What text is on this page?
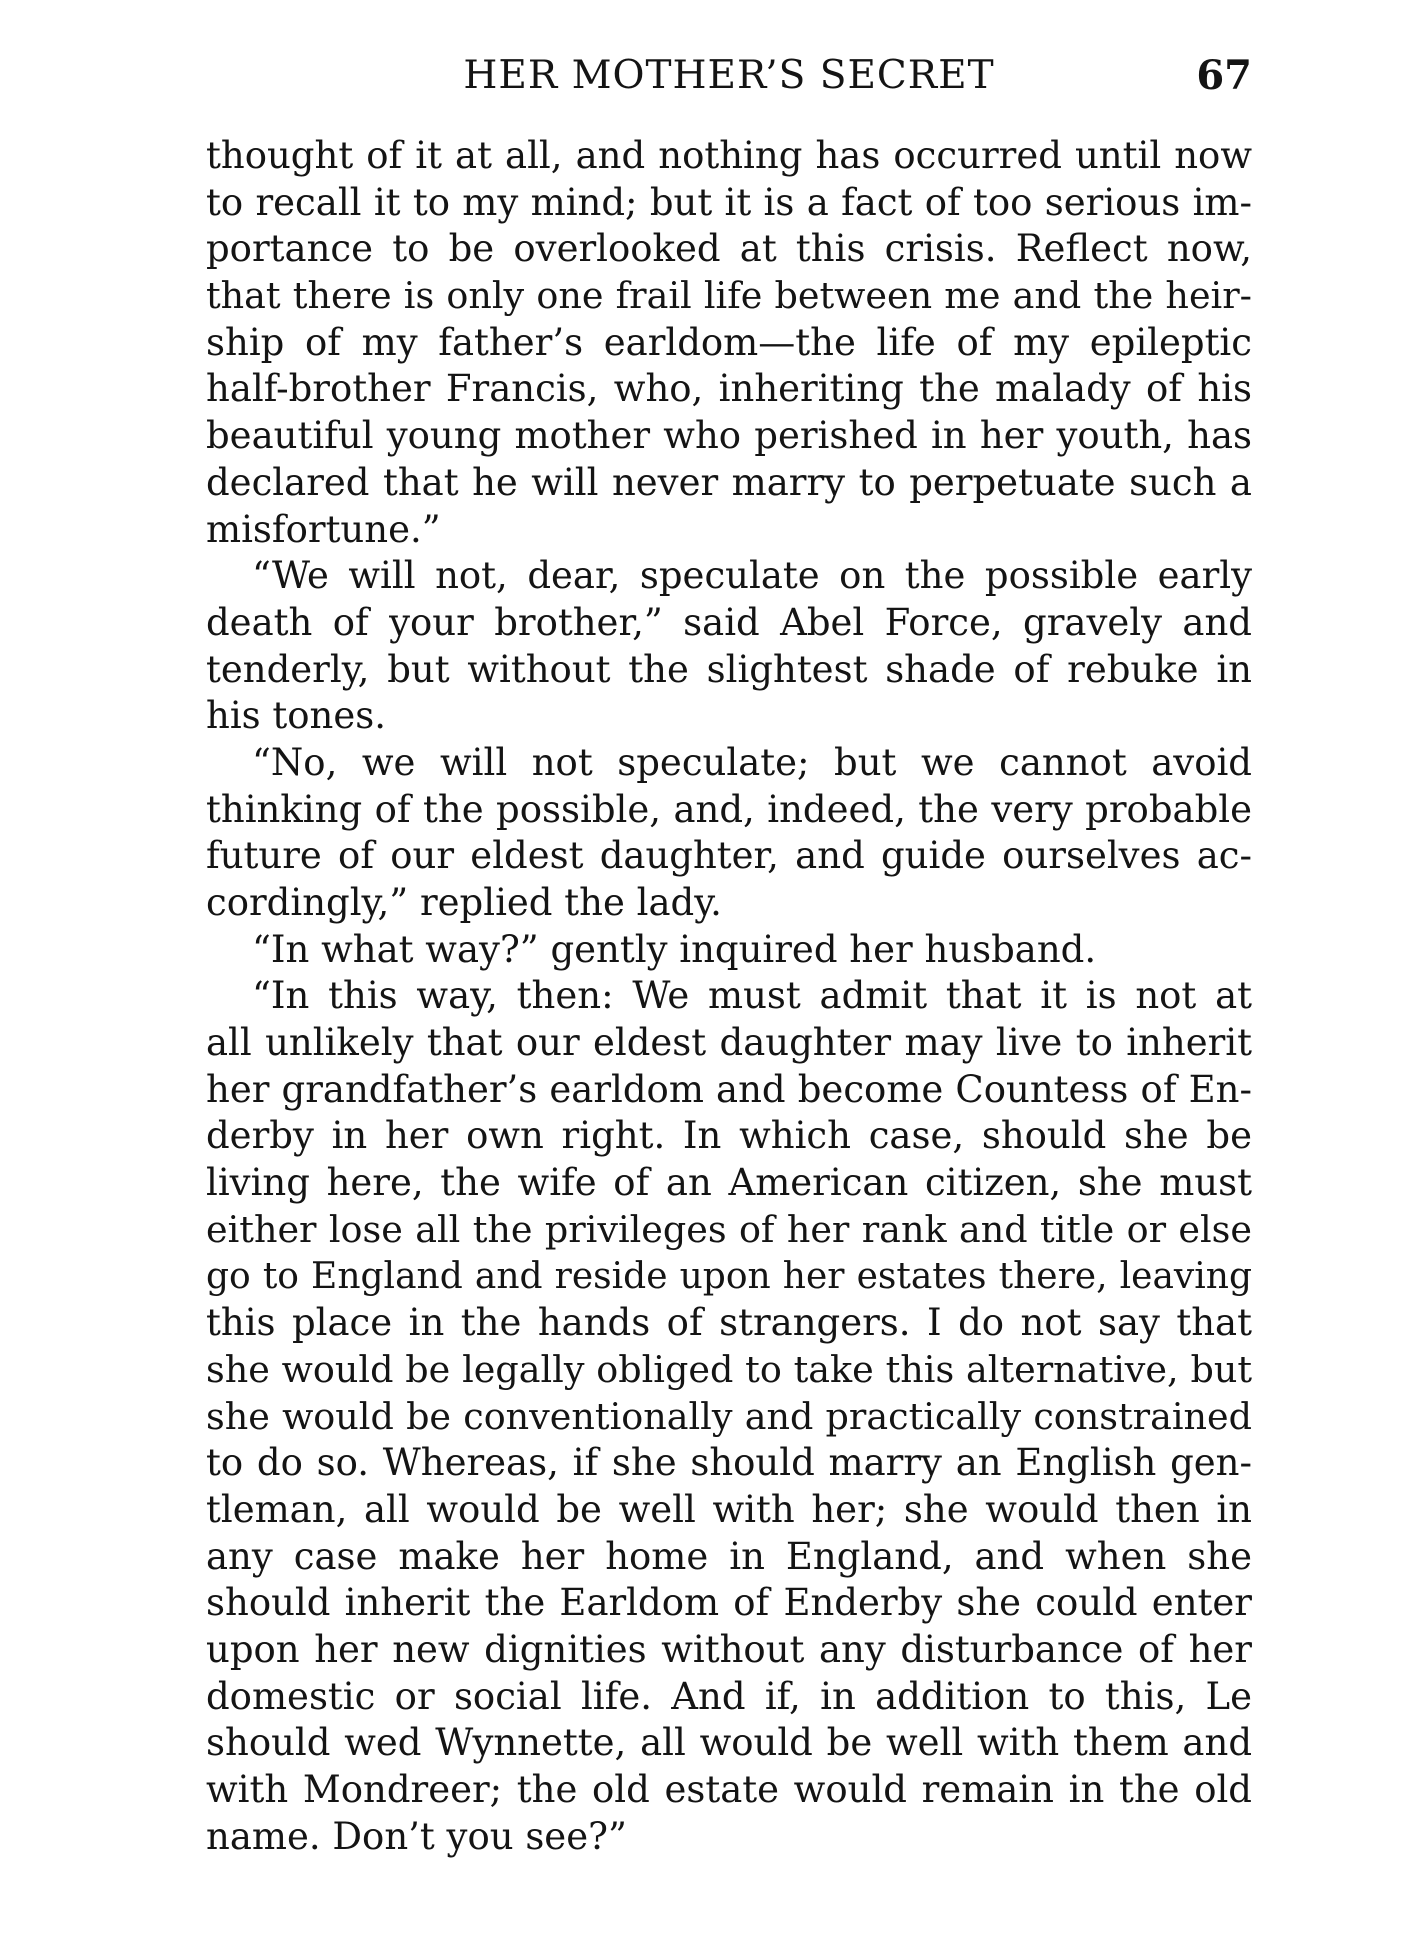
HER MOTHER’S SECRET	67
thought of it at all, and nothing has occurred until now
to recall it to my mind; but it is a fact of too serious im-
portance to be overlooked at this crisis. Reflect now,
that there is only one frail life between me and the heir-
ship of my father’s earldom—the life of my epileptic
half-brother Francis, who, inheriting the malady of his
beautiful young mother who perished in her youth, has
declared that he will never marry to perpetuate such a
misfortune.”
“We will not, dear, speculate on the possible early
death of your brother,” said Abel Force, gravely and
tenderly, but without the slightest shade of rebuke in
his tones.
“No, we will not speculate; but we cannot avoid
thinking of the possible, and, indeed, the very probable
future of our eldest daughter, and guide ourselves ac-
cordingly,” replied the lady.
“In what way?” gently inquired her husband.
“In this way, then: We must admit that it is not at
all unlikely that our eldest daughter may live to inherit
her grandfather’s earldom and become Countess of En-
derby in her own right. In which case, should she be
living here, the wife of an American citizen, she must
either lose all the privileges of her rank and title or else
go to England and reside upon her estates there, leaving
this place in the hands of strangers. I do not say that
she would be legally obliged to take this alternative, but
she would be conventionally and practically constrained
to do so. Whereas, if she should marry an English gen-
tleman, all would be well with her; she would then in
any case make her home in England, and when she
should inherit the Earldom of Enderby she could enter
upon her new dignities without any disturbance of her
domestic or social life. And if, in addition to this, Le
should wed Wynnette, all would be well with them and
with Mondreer; the old estate would remain in the old
name. Don’t you see?”
